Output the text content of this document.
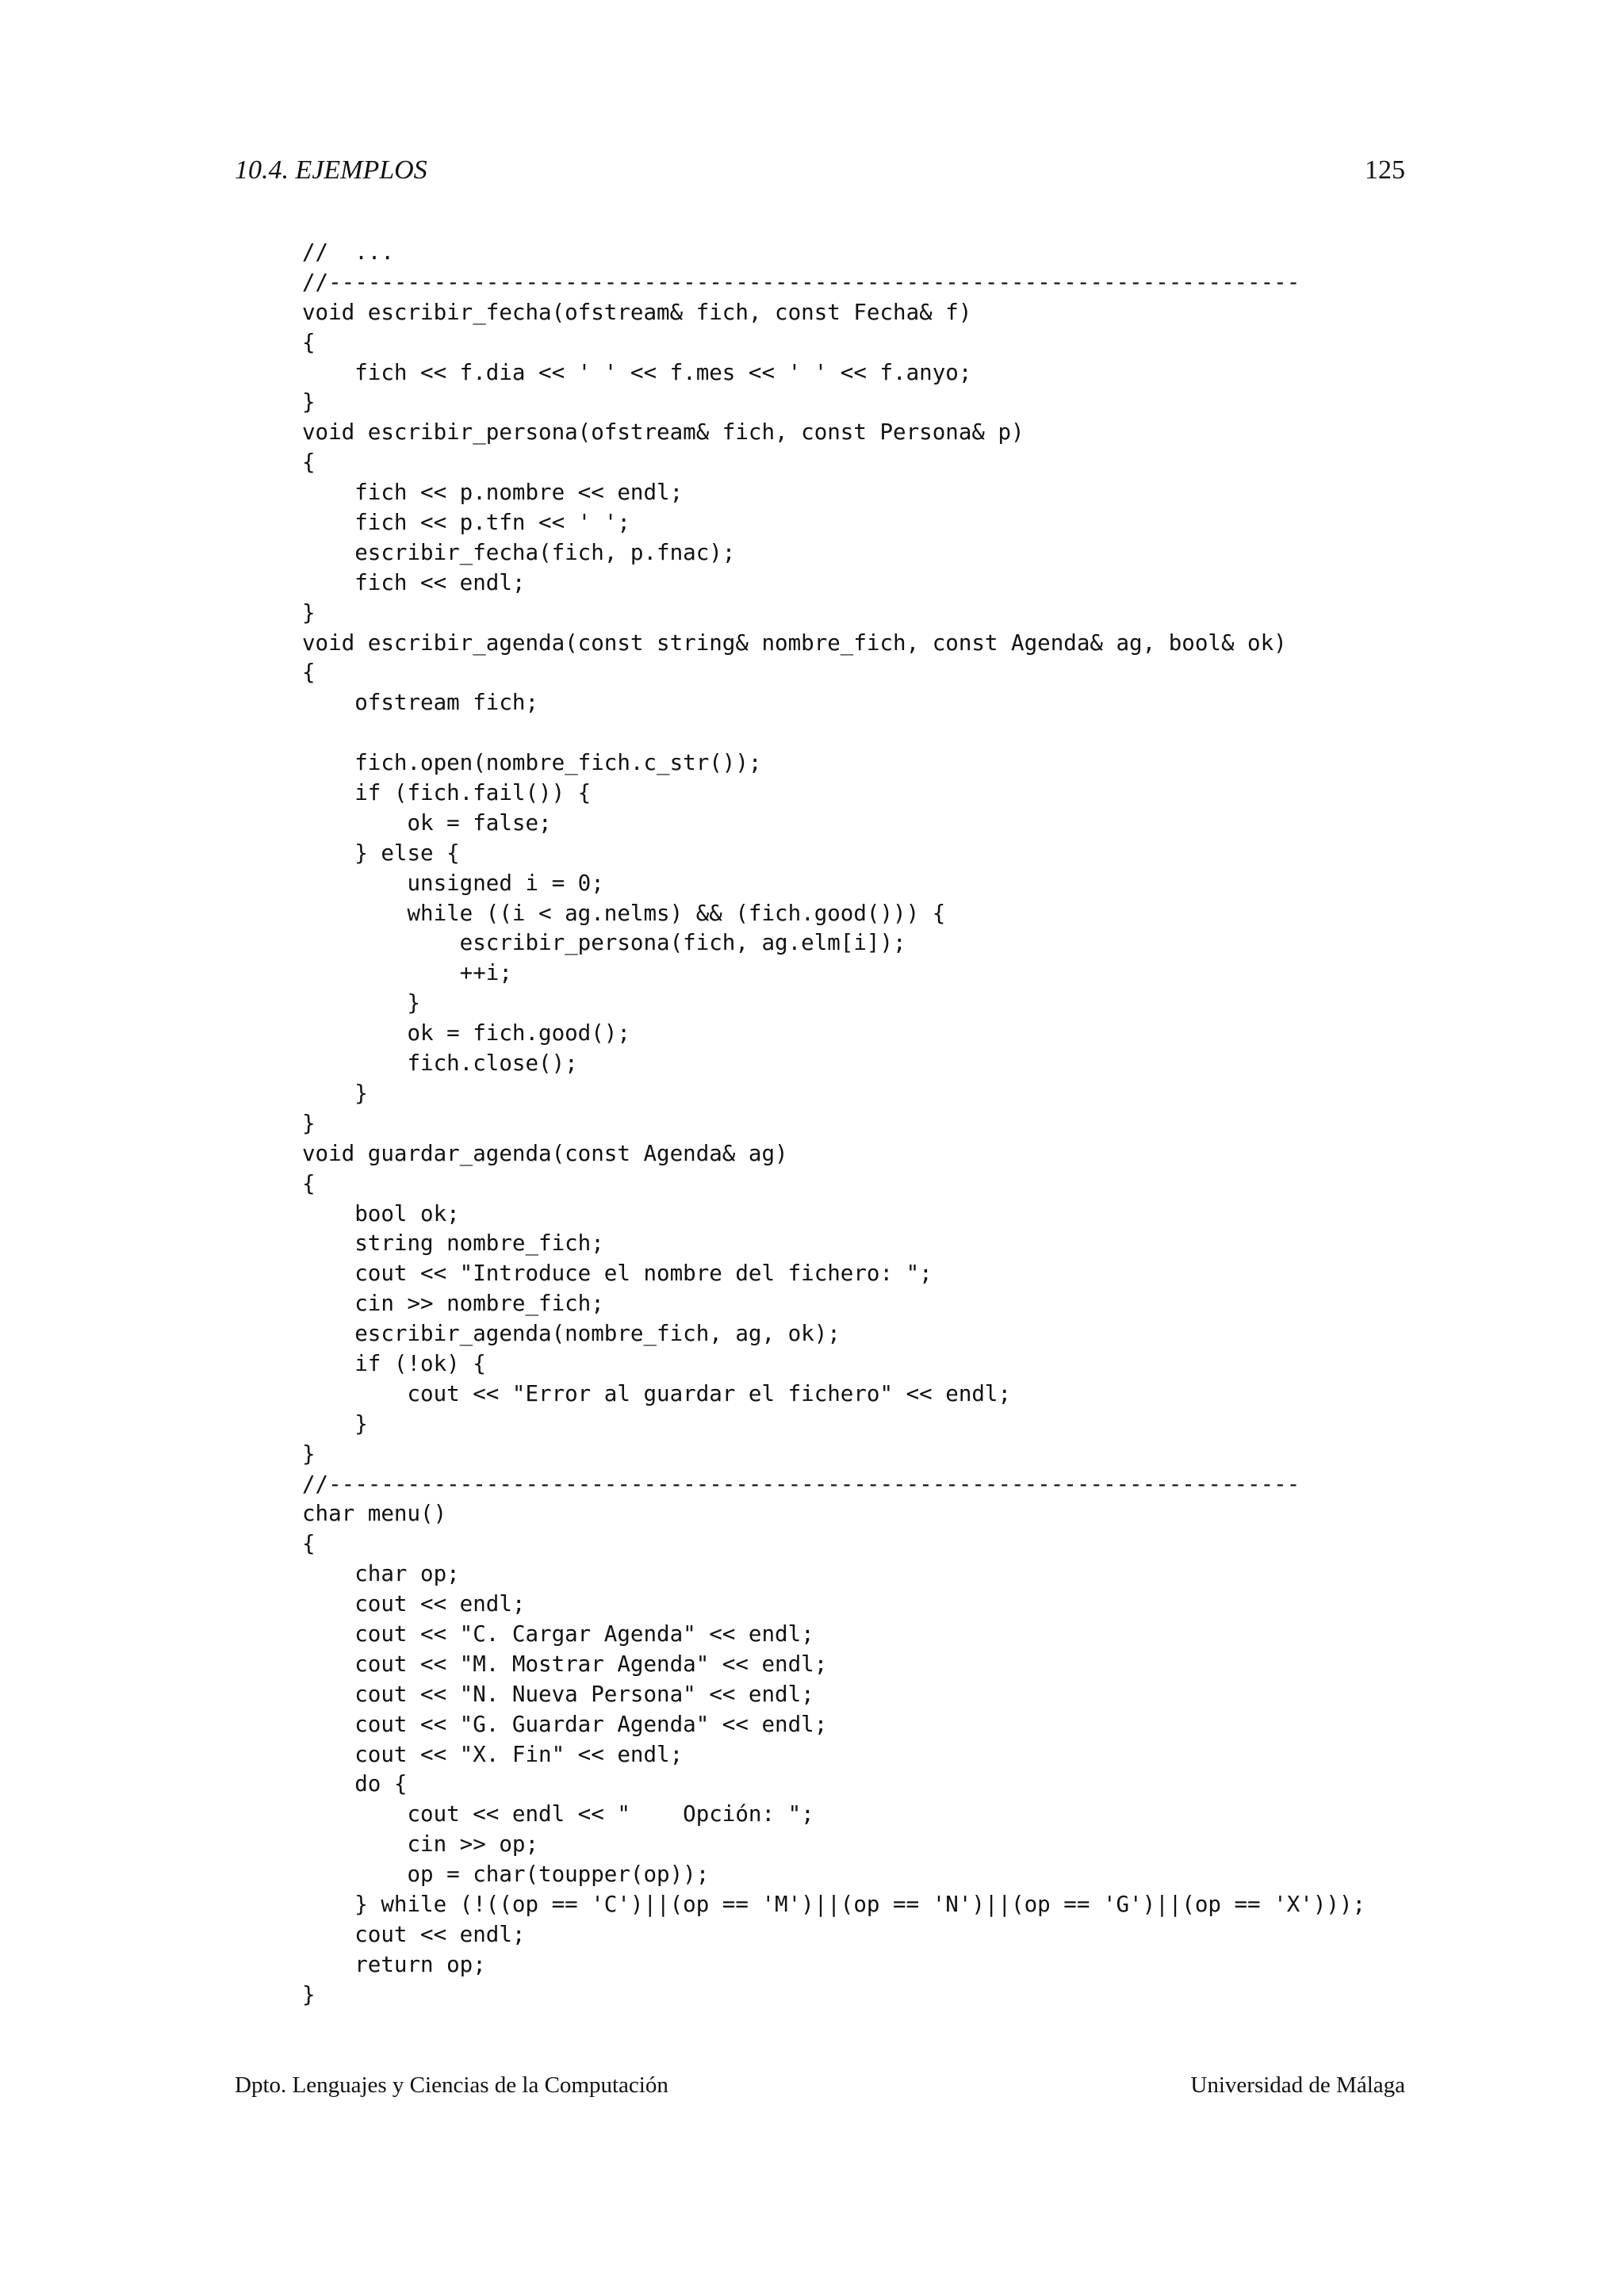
10.4. EJEMPLOS	125
//  ...
//--------------------------------------------------------------------------
void escribir_fecha(ofstream& fich, const Fecha& f)
{
fich << f.dia << ' ' << f.mes << ' ' << f.anyo;
}
void escribir_persona(ofstream& fich, const Persona& p)
{
fich << p.nombre << endl;
fich << p.tfn << ' ';
escribir_fecha(fich, p.fnac);
fich << endl;
}
void escribir_agenda(const string& nombre_fich, const Agenda& ag, bool& ok)
{
ofstream fich;
fich.open(nombre_fich.c_str());
if (fich.fail()) {
ok = false;
} else {
unsigned i = 0;
while ((i < ag.nelms) && (fich.good())) {
escribir_persona(fich, ag.elm[i]);
++i;
}
ok = fich.good();
fich.close();
}
}
void guardar_agenda(const Agenda& ag)
{
bool ok;
string nombre_fich;
cout << "Introduce el nombre del fichero: ";
cin >> nombre_fich;
escribir_agenda(nombre_fich, ag, ok);
if (!ok) {
cout << "Error al guardar el fichero" << endl;
}
}
//--------------------------------------------------------------------------
char menu()
{
char op;
cout << endl;
cout << "C. Cargar Agenda" << endl;
cout << "M. Mostrar Agenda" << endl;
cout << "N. Nueva Persona" << endl;
cout << "G. Guardar Agenda" << endl;
cout << "X. Fin" << endl;
do {
cout << endl << "    Opción: ";
cin >> op;
op = char(toupper(op));
} while (!((op == 'C')||(op == 'M')||(op == 'N')||(op == 'G')||(op == 'X')));
cout << endl;
return op;
}
Dpto. Lenguajes y Ciencias de la Computación	Universidad de Málaga
